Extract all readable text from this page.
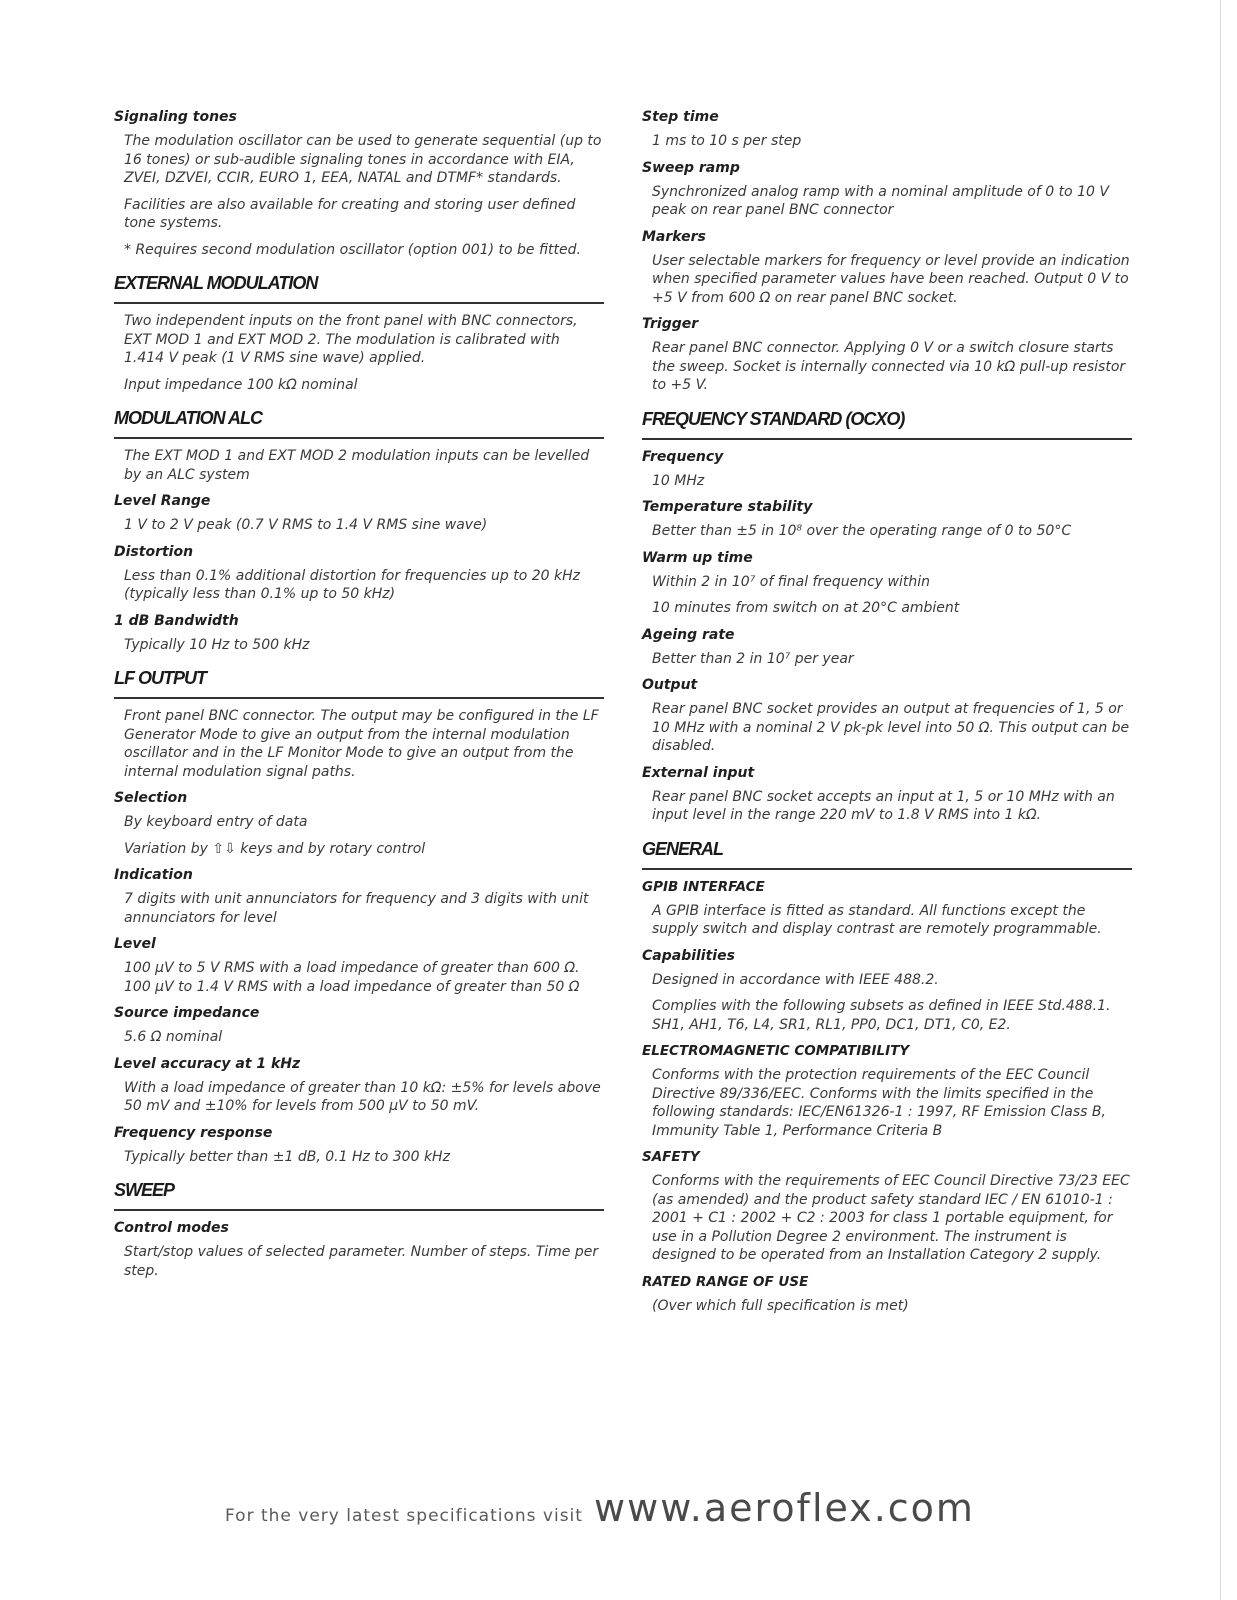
Signaling tones
The modulation oscillator can be used to generate sequential (up to 16 tones) or sub-audible signaling tones in accordance with EIA, ZVEI, DZVEI, CCIR, EURO 1, EEA, NATAL and DTMF* standards.
Facilities are also available for creating and storing user defined tone systems.
* Requires second modulation oscillator (option 001) to be fitted.
EXTERNAL MODULATION
Two independent inputs on the front panel with BNC connectors, EXT MOD 1 and EXT MOD 2. The modulation is calibrated with 1.414 V peak (1 V RMS sine wave) applied.
Input impedance 100 kΩ nominal
MODULATION ALC
The EXT MOD 1 and EXT MOD 2 modulation inputs can be levelled by an ALC system
Level Range
1 V to 2 V peak (0.7 V RMS to 1.4 V RMS sine wave)
Distortion
Less than 0.1% additional distortion for frequencies up to 20 kHz (typically less than 0.1% up to 50 kHz)
1 dB Bandwidth
Typically 10 Hz to 500 kHz
LF OUTPUT
Front panel BNC connector. The output may be configured in the LF Generator Mode to give an output from the internal modulation oscillator and in the LF Monitor Mode to give an output from the internal modulation signal paths.
Selection
By keyboard entry of data
Variation by ⇧⇩ keys and by rotary control
Indication
7 digits with unit annunciators for frequency and 3 digits with unit annunciators for level
Level
100 µV to 5 V RMS with a load impedance of greater than 600 Ω. 100 µV to 1.4 V RMS with a load impedance of greater than 50 Ω
Source impedance
5.6 Ω nominal
Level accuracy at 1 kHz
With a load impedance of greater than 10 kΩ: ±5% for levels above 50 mV and ±10% for levels from 500 µV to 50 mV.
Frequency response
Typically better than ±1 dB, 0.1 Hz to 300 kHz
SWEEP
Control modes
Start/stop values of selected parameter. Number of steps. Time per step.
Step time
1 ms to 10 s per step
Sweep ramp
Synchronized analog ramp with a nominal amplitude of 0 to 10 V peak on rear panel BNC connector
Markers
User selectable markers for frequency or level provide an indication when specified parameter values have been reached. Output 0 V to +5 V from 600 Ω on rear panel BNC socket.
Trigger
Rear panel BNC connector. Applying 0 V or a switch closure starts the sweep. Socket is internally connected via 10 kΩ pull-up resistor to +5 V.
FREQUENCY STANDARD (OCXO)
Frequency
10 MHz
Temperature stability
Better than ±5 in 10⁸ over the operating range of 0 to 50°C
Warm up time
Within 2 in 10⁷ of final frequency within
10 minutes from switch on at 20°C ambient
Ageing rate
Better than 2 in 10⁷ per year
Output
Rear panel BNC socket provides an output at frequencies of 1, 5 or 10 MHz with a nominal 2 V pk-pk level into 50 Ω. This output can be disabled.
External input
Rear panel BNC socket accepts an input at 1, 5 or 10 MHz with an input level in the range 220 mV to 1.8 V RMS into 1 kΩ.
GENERAL
GPIB INTERFACE
A GPIB interface is fitted as standard. All functions except the supply switch and display contrast are remotely programmable.
Capabilities
Designed in accordance with IEEE 488.2.
Complies with the following subsets as defined in IEEE Std.488.1. SH1, AH1, T6, L4, SR1, RL1, PP0, DC1, DT1, C0, E2.
ELECTROMAGNETIC COMPATIBILITY
Conforms with the protection requirements of the EEC Council Directive 89/336/EEC. Conforms with the limits specified in the following standards: IEC/EN61326-1 : 1997, RF Emission Class B, Immunity Table 1, Performance Criteria B
SAFETY
Conforms with the requirements of EEC Council Directive 73/23 EEC (as amended) and the product safety standard IEC / EN 61010-1 : 2001 + C1 : 2002 + C2 : 2003 for class 1 portable equipment, for use in a Pollution Degree 2 environment. The instrument is designed to be operated from an Installation Category 2 supply.
RATED RANGE OF USE
(Over which full specification is met)
For the very latest specifications visit www.aeroflex.com
